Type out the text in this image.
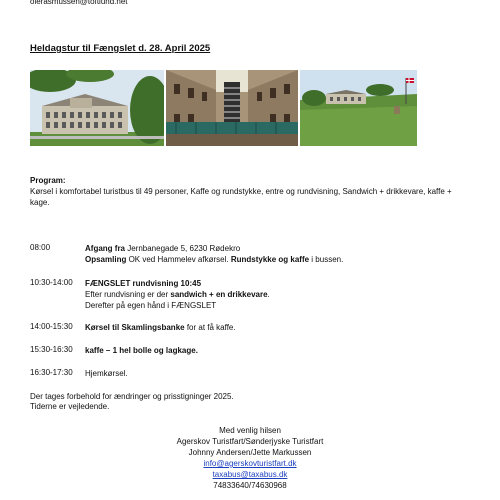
olerasmussen@toftlund.net
Heldagstur til Fængslet d. 28. April 2025
Program:
Kørsel i komfortabel turistbus til 49 personer, Kaffe og rundstykke, entre og rundvisning, Sandwich + drikkevare, kaffe + kage.
08:00	Afgang fra Jernbanegade 5, 6230 Rødekro
Opsamling OK ved Hammelev afkørsel. Rundstykke og kaffe i bussen.
10:30-14:00 FÆNGSLET rundvisning 10:45
Efter rundvisning er der sandwich + en drikkevare.
Derefter på egen hånd i FÆNGSLET
14:00-15:30 Kørsel til Skamlingsbanke for at få kaffe.
15:30-16:30 kaffe – 1 hel bolle og lagkage.
16:30-17:30 Hjemkørsel.
Der tages forbehold for ændringer og prisstigninger 2025.
Tiderne er vejledende.
Med venlig hilsen
Agerskov Turistfart/Sønderjyske Turistfart
Johnny Andersen/Jette Markussen
info@agerskovturistfart.dk
taxabus@taxabus.dk
74833640/74630968
